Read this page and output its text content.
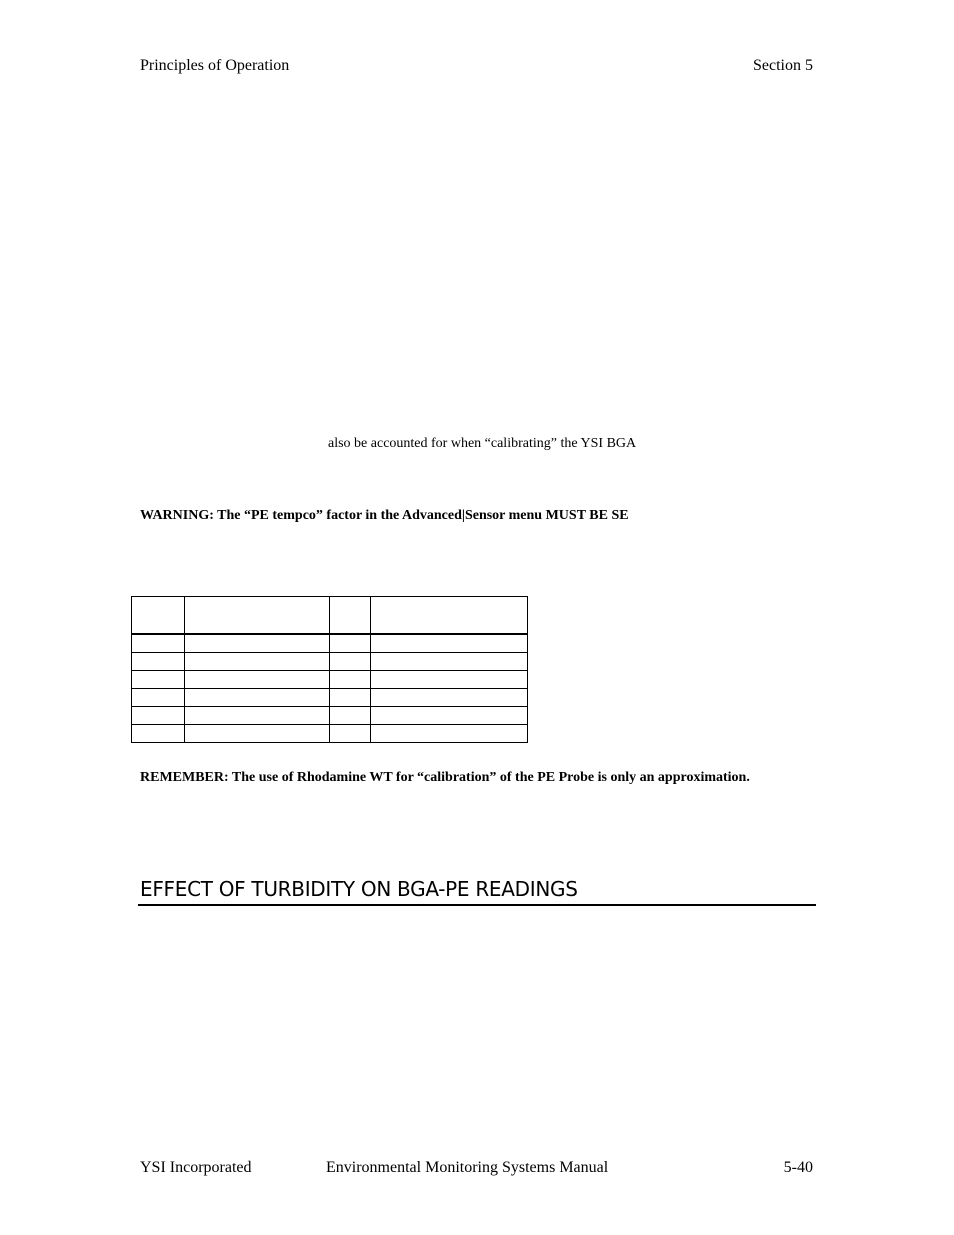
Principles of Operation	Section 5
also be accounted for when “calibrating” the YSI BGA
WARNING: The “PE tempco” factor in the Advanced|Sensor menu MUST BE SE

REMEMBER: The use of Rhodamine WT for “calibration” of the PE Probe is only an approximation.
EFFECT OF TURBIDITY ON BGA-PE READINGS
YSI Incorporated	Environmental Monitoring Systems Manual	5-40
